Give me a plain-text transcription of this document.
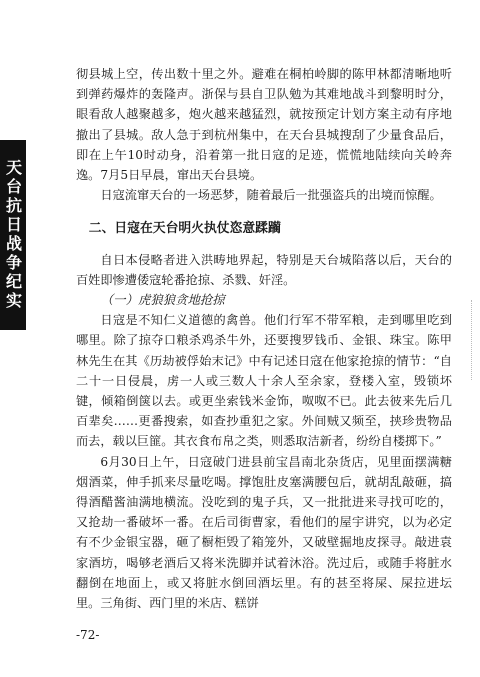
天台抗日战争纪实

彻县城上空，传出数十里之外。避难在桐柏岭脚的陈甲林都清晰地听到弹药爆炸的轰隆声。浙保与县自卫队勉为其难地战斗到黎明时分，眼看敌人越聚越多，炮火越来越猛烈，就按预定计划方案主动有序地撤出了县城。敌人急于到杭州集中，在天台县城搜刮了少量食品后，即在上午10时动身，沿着第一批日寇的足迹，慌慌地陆续向关岭奔逸。7月5日早晨，窜出天台县境。

日寇流窜天台的一场恶梦，随着最后一批强盗兵的出境而惊醒。

二、日寇在天台明火执仗恣意蹂躏

自日本侵略者进入洪畴地界起，特别是天台城陷落以后，天台的百姓即惨遭倭寇轮番抢掠、杀戮、奸淫。

（一）虎狼狼贪地抢掠

日寇是不知仁义道德的禽兽。他们行军不带军粮，走到哪里吃到哪里。除了掠夺口粮杀鸡杀牛外，还要搜罗钱币、金银、珠宝。陈甲林先生在其《历劫被俘始末记》中有记述日寇在他家抢掠的情节：“自二十一日侵晨，虏一人或三数人十余人至余家，登楼入室，毁锁坏键，倾箱倒箧以去。或更坐索钱米金饰，呶呶不已。此去彼来先后几百辈矣……更番搜索，如查抄重犯之家。外间贼又频至，挟珍贵物品而去，载以巨篚。其衣食布帛之类，则悉取洁新者，纷纷自楼掷下。”

6月30日上午，日寇破门进县前宝昌南北杂货店，见里面摆满糖烟酒菜，伸手抓来尽量吃喝。撑饱肚皮塞满腰包后，就胡乱敲砸，搞得酒醋酱油满地横流。没吃到的鬼子兵，又一批批进来寻找可吃的，又抢劫一番破坏一番。在后司街曹家，看他们的屋宇讲究，以为必定有不少金银宝器，砸了橱柜毁了箱笼外，又破壁掘地皮探寻。敲进袁家酒坊，喝够老酒后又将米洗脚并试着沐浴。洗过后，或随手将脏水翻倒在地面上，或又将脏水倒回酒坛里。有的甚至将屎、屎拉进坛里。三角街、西门里的米店、糕饼

-72-
